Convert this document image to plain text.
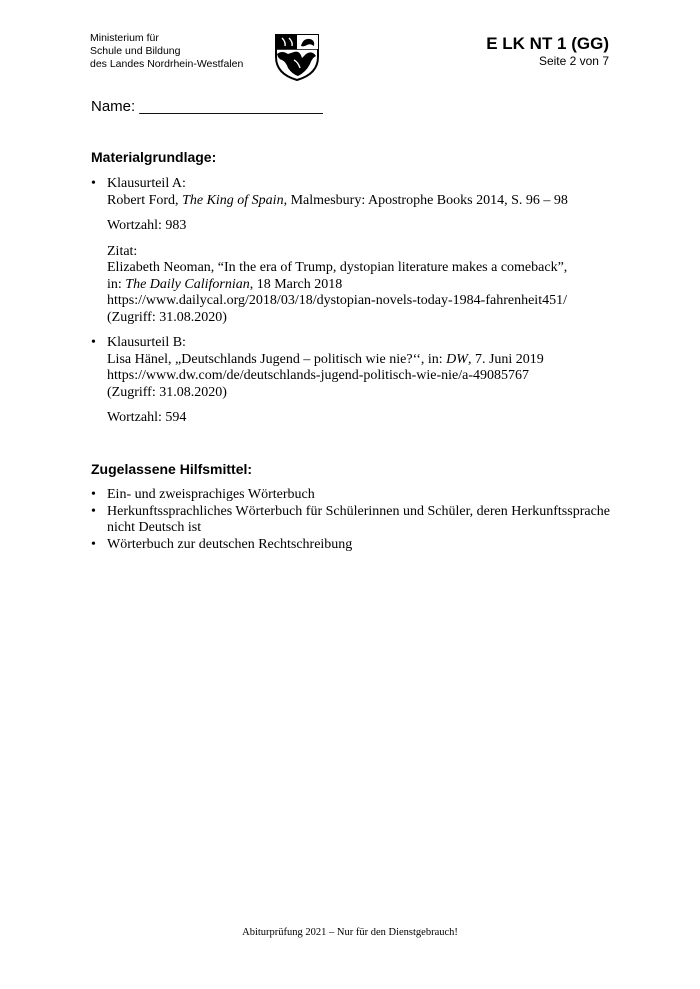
Ministerium für
Schule und Bildung
des Landes Nordrhein-Westfalen
E LK NT 1 (GG)
Seite 2 von 7
Name: ______________________
Materialgrundlage:
• Klausurteil A:
Robert Ford, The King of Spain, Malmesbury: Apostrophe Books 2014, S. 96 – 98
Wortzahl: 983
Zitat:
Elizabeth Neoman, “In the era of Trump, dystopian literature makes a comeback”,
in: The Daily Californian, 18 March 2018
https://www.dailycal.org/2018/03/18/dystopian-novels-today-1984-fahrenheit451/
(Zugriff: 31.08.2020)
• Klausurteil B:
Lisa Hänel, „Deutschlands Jugend – politisch wie nie?‘‘, in: DW, 7. Juni 2019
https://www.dw.com/de/deutschlands-jugend-politisch-wie-nie/a-49085767
(Zugriff: 31.08.2020)
Wortzahl: 594
Zugelassene Hilfsmittel:
• Ein- und zweisprachiges Wörterbuch
• Herkunftssprachliches Wörterbuch für Schülerinnen und Schüler, deren Herkunftssprache nicht Deutsch ist
• Wörterbuch zur deutschen Rechtschreibung
Abiturprüfung 2021 – Nur für den Dienstgebrauch!
